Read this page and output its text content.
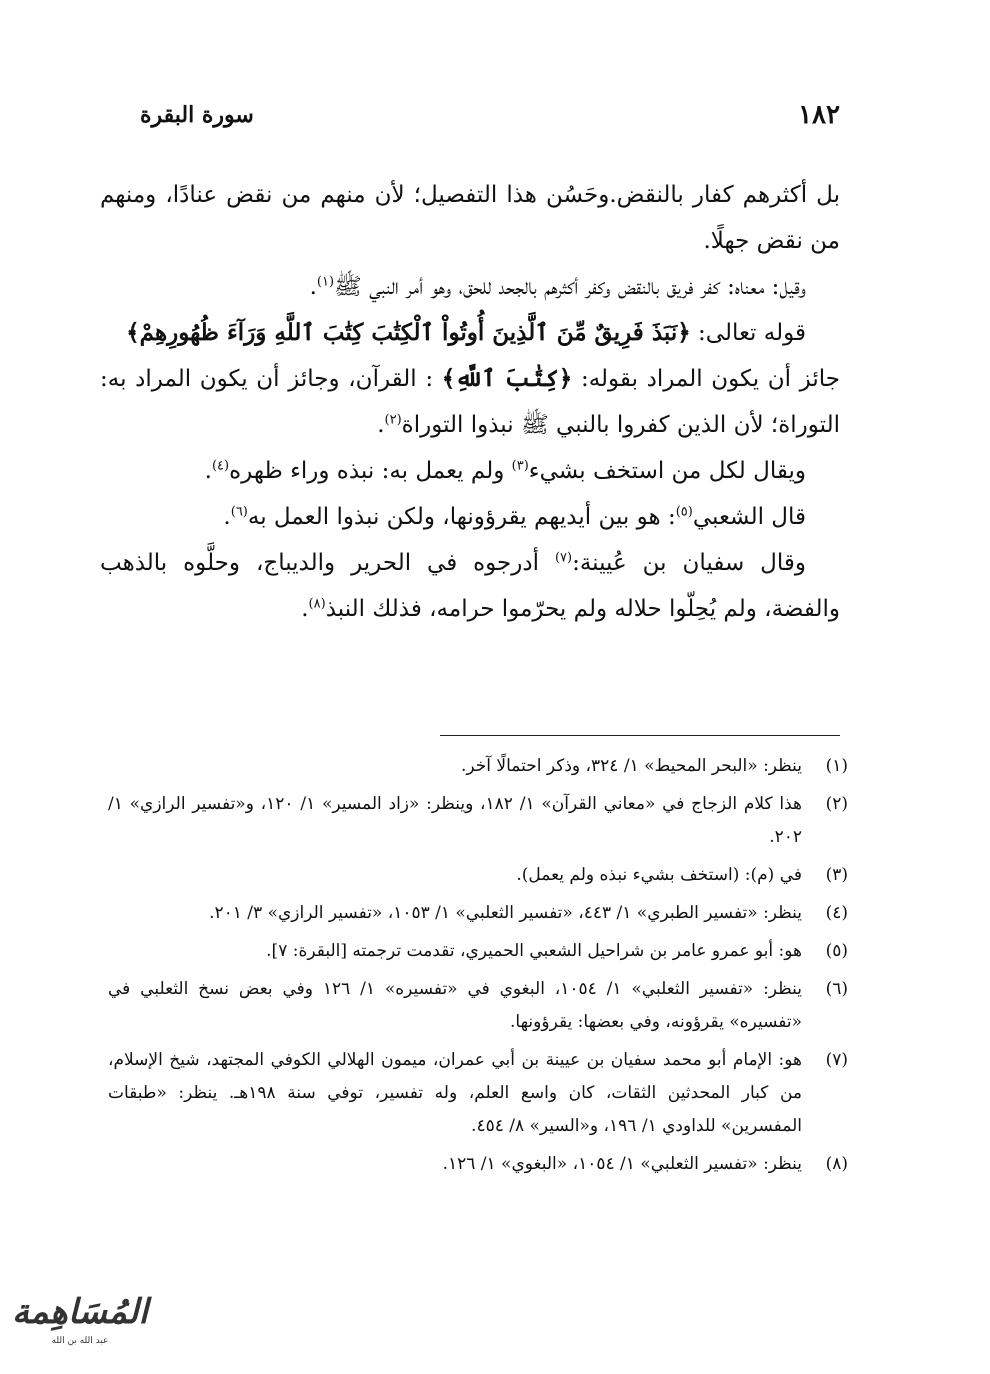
١٨٢
سورة البقرة

بل أكثرهم كفار بالنقض.وحَسُن هذا التفصيل؛ لأن منهم من نقض عنادًا، ومنهم من نقض جهلًا.

وقيل: معناه: كفر فريق بالنقض وكفر أكثرهم بالجحد للحق، وهو أمر النبي ﷺ$^{(١)}$.

قوله تعالى: ﴿نَبَذَ فَرِيقٌ مِّنَ ٱلَّذِينَ أُوتُواْ ٱلْكِتَٰبَ كِتَٰبَ ٱللَّهِ وَرَآءَ ظُهُورِهِمْ﴾

جائز أن يكون المراد بقوله: ﴿كِتَٰبَ ٱللَّهِ﴾ : القرآن، وجائز أن يكون المراد به: التوراة؛ لأن الذين كفروا بالنبي ﷺ نبذوا التوراة$^{(٢)}$.

ويقال لكل من استخف بشيء$^{(٣)}$ ولم يعمل به: نبذه وراء ظهره$^{(٤)}$.

قال الشعبي$^{(٥)}$: هو بين أيديهم يقرؤونها، ولكن نبذوا العمل به$^{(٦)}$.

وقال سفيان بن عُيينة:$^{(٧)}$ أدرجوه في الحرير والديباج، وحلَّوه بالذهب والفضة، ولم يُحِلّوا حلاله ولم يحرّموا حرامه، فذلك النبذ$^{(٨)}$.

(١)
ينظر: «البحر المحيط» ١/ ٣٢٤، وذكر احتمالًا آخر.
(٢)
هذا كلام الزجاج في «معاني القرآن» ١/ ١٨٢، وينظر: «زاد المسير» ١/ ١٢٠، و«تفسير الرازي» ١/ ٢٠٢.
(٣)
في (م): (استخف بشيء نبذه ولم يعمل).
(٤)
ينظر: «تفسير الطبري» ١/ ٤٤٣، «تفسير الثعلبي» ١/ ١٠٥٣، «تفسير الرازي» ٣/ ٢٠١.
(٥)
هو: أبو عمرو عامر بن شراحيل الشعبي الحميري، تقدمت ترجمته [البقرة: ٧].
(٦)
ينظر: «تفسير الثعلبي» ١/ ١٠٥٤، البغوي في «تفسيره» ١/ ١٢٦ وفي بعض نسخ الثعلبي في «تفسيره» يقرؤونه، وفي بعضها: يقرؤونها.
(٧)
هو: الإمام أبو محمد سفيان بن عيينة بن أبي عمران، ميمون الهلالي الكوفي المجتهد، شيخ الإسلام، من كبار المحدثين الثقات، كان واسع العلم، وله تفسير، توفي سنة ١٩٨هـ. ينظر: «طبقات المفسرين» للداودي ١/ ١٩٦، و«السير» ٨/ ٤٥٤.
(٨)
ينظر: «تفسير الثعلبي» ١/ ١٠٥٤، «البغوي» ١/ ١٢٦.
المُسَاهِمة
عبد الله بن الله
